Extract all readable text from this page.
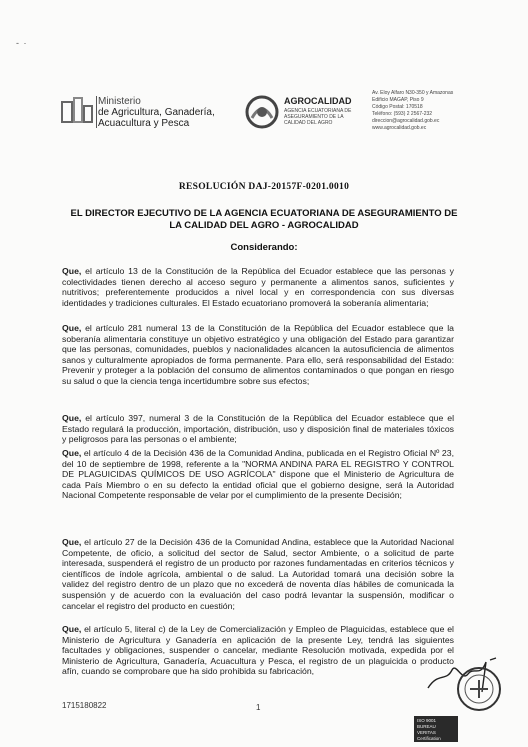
- ·
Ministerio
de Agricultura, Ganadería,
Acuacultura y Pesca
AGROCALIDAD
AGENCIA ECUATORIANA DE ASEGURAMIENTO DE LA CALIDAD DEL AGRO
Av. Eloy Alfaro N30-350 y Amazonas
Edificio MAGAP, Piso 9
Código Postal: 170518
Teléfono: (593) 2 2567-232
direccion@agrocalidad.gob.ec
www.agrocalidad.gob.ec
RESOLUCIÓN DAJ-20157F-0201.0010
EL DIRECTOR EJECUTIVO DE LA AGENCIA ECUATORIANA DE ASEGURAMIENTO DE
LA CALIDAD DEL AGRO - AGROCALIDAD
Considerando:
Que, el artículo 13 de la Constitución de la República del Ecuador establece que las personas y colectividades tienen derecho al acceso seguro y permanente a alimentos sanos, suficientes y nutritivos; preferentemente producidos a nivel local y en correspondencia con sus diversas identidades y tradiciones culturales. El Estado ecuatoriano promoverá la soberanía alimentaria;
Que, el artículo 281 numeral 13 de la Constitución de la República del Ecuador establece que la soberanía alimentaria constituye un objetivo estratégico y una obligación del Estado para garantizar que las personas, comunidades, pueblos y nacionalidades alcancen la autosuficiencia de alimentos sanos y culturalmente apropiados de forma permanente. Para ello, será responsabilidad del Estado: Prevenir y proteger a la población del consumo de alimentos contaminados o que pongan en riesgo su salud o que la ciencia tenga incertidumbre sobre sus efectos;
Que, el artículo 397, numeral 3 de la Constitución de la República del Ecuador establece que el Estado regulará la producción, importación, distribución, uso y disposición final de materiales tóxicos y peligrosos para las personas o el ambiente;
Que, el artículo 4 de la Decisión 436 de la Comunidad Andina, publicada en el Registro Oficial Nº 23, del 10 de septiembre de 1998, referente a la "NORMA ANDINA PARA EL REGISTRO Y CONTROL DE PLAGUICIDAS QUÍMICOS DE USO AGRÍCOLA" dispone que el Ministerio de Agricultura de cada País Miembro o en su defecto la entidad oficial que el gobierno designe, será la Autoridad Nacional Competente responsable de velar por el cumplimiento de la presente Decisión;
Que, el artículo 27 de la Decisión 436 de la Comunidad Andina, establece que la Autoridad Nacional Competente, de oficio, a solicitud del sector de Salud, sector Ambiente, o a solicitud de parte interesada, suspenderá el registro de un producto por razones fundamentadas en criterios técnicos y científicos de índole agrícola, ambiental o de salud. La Autoridad tomará una decisión sobre la validez del registro dentro de un plazo que no excederá de noventa días hábiles de comunicada la suspensión y de acuerdo con la evaluación del caso podrá levantar la suspensión, modificar o cancelar el registro del producto en cuestión;
Que, el artículo 5, literal c) de la Ley de Comercialización y Empleo de Plaguicidas, establece que el Ministerio de Agricultura y Ganadería en aplicación de la presente Ley, tendrá las siguientes facultades y obligaciones, suspender o cancelar, mediante Resolución motivada, expedida por el Ministerio de Agricultura, Ganadería, Acuacultura y Pesca, el registro de un plaguicida o producto afín, cuando se comprobare que ha sido prohibida su fabricación,
ISO 9001 BUREAU VERITAS Certification
1715180822	1
